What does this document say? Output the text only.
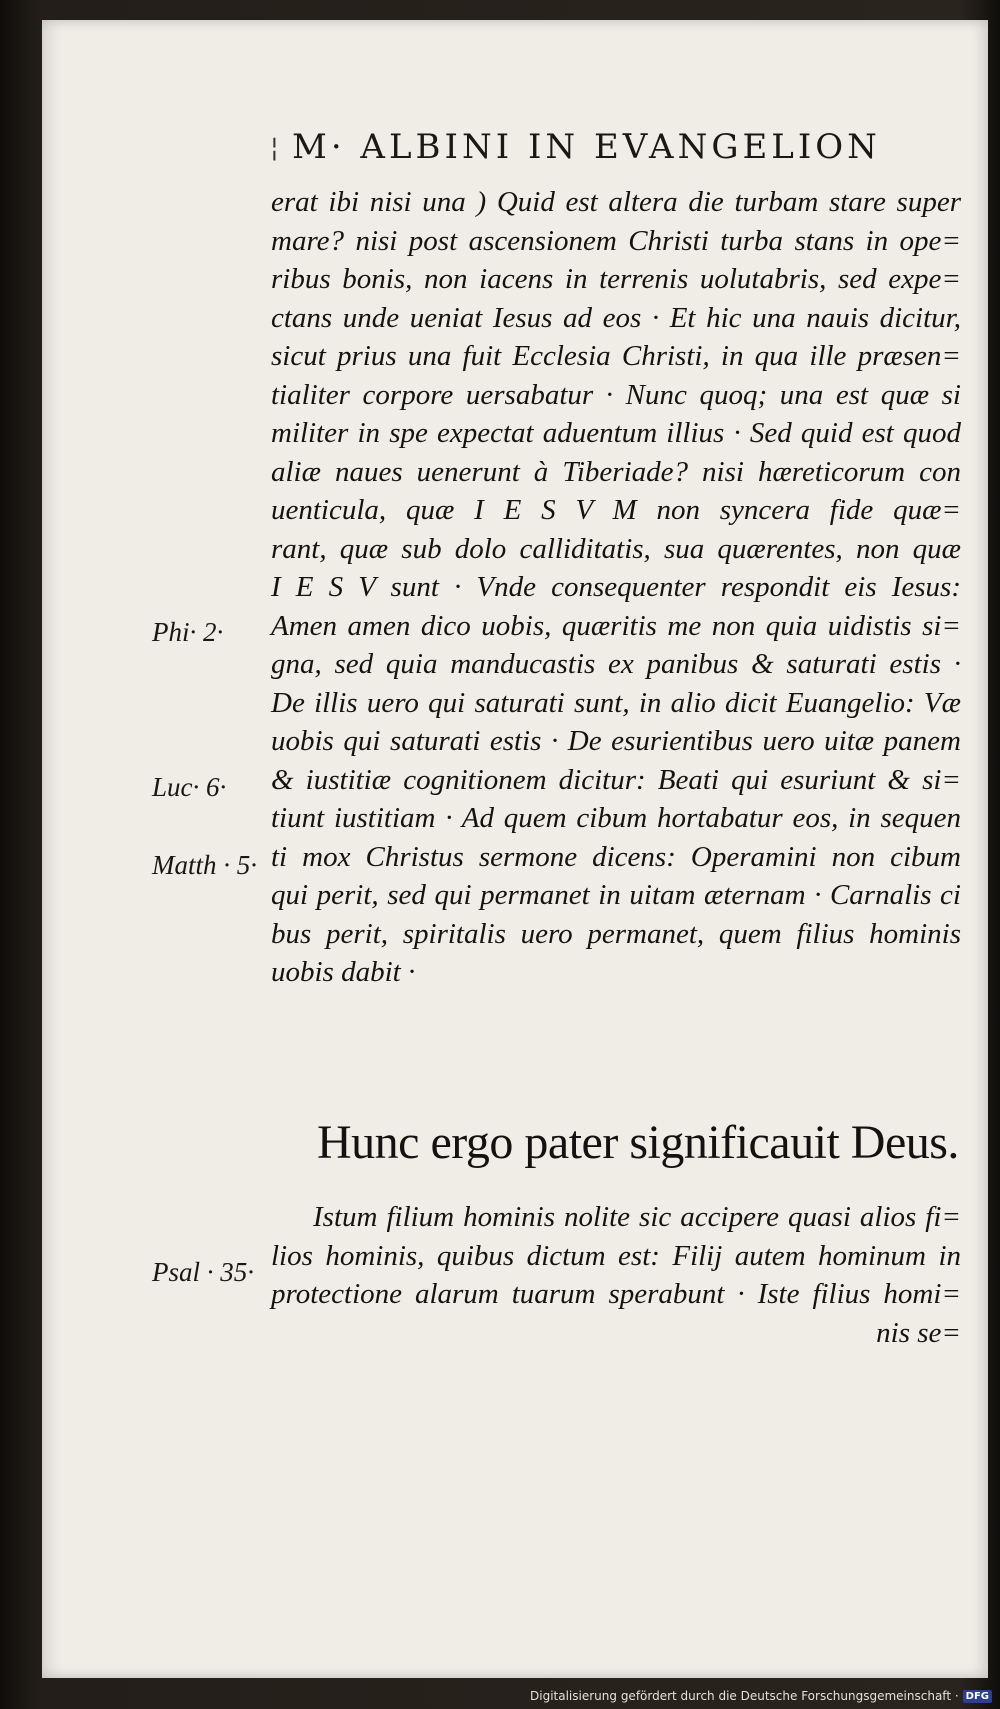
¦ M· ALBINI IN EVANGELION
erat ibi nisi una ) Quid est altera die turbam stare super
mare? nisi post ascensionem Christi turba stans in ope=
ribus bonis, non iacens in terrenis uolutabris, sed expe=
ctans unde ueniat Iesus ad eos · Et hic una nauis dicitur,
sicut prius una fuit Ecclesia Christi, in qua ille præsen=
tialiter corpore uersabatur · Nunc quoq; una est quæ si
militer in spe expectat aduentum illius · Sed quid est quod
aliæ naues uenerunt à Tiberiade? nisi hæreticorum con
uenticula, quæ I E S V M non syncera fide quæ=
rant, quæ sub dolo calliditatis, sua quærentes, non quæ
I E S V sunt · Vnde consequenter respondit eis Iesus:
Amen amen dico uobis, quæritis me non quia uidistis si=
gna, sed quia manducastis ex panibus & saturati estis ·
De illis uero qui saturati sunt, in alio dicit Euangelio: Væ
uobis qui saturati estis · De esurientibus uero uitæ panem
& iustitiæ cognitionem dicitur: Beati qui esuriunt & si=
tiunt iustitiam · Ad quem cibum hortabatur eos, in sequen
ti mox Christus sermone dicens: Operamini non cibum
qui perit, sed qui permanet in uitam æternam · Carnalis ci
bus perit, spiritalis uero permanet, quem filius hominis
uobis dabit ·
Phi· 2·
Luc· 6·
Matth · 5·
Hunc ergo pater significauit Deus.
Istum filium hominis nolite sic accipere quasi alios fi=
lios hominis, quibus dictum est: Filij autem hominum in
protectione alarum tuarum sperabunt · Iste filius homi=
nis se=
Psal · 35·
Digitalisierung gefördert durch die Deutsche Forschungsgemeinschaft · DFG
